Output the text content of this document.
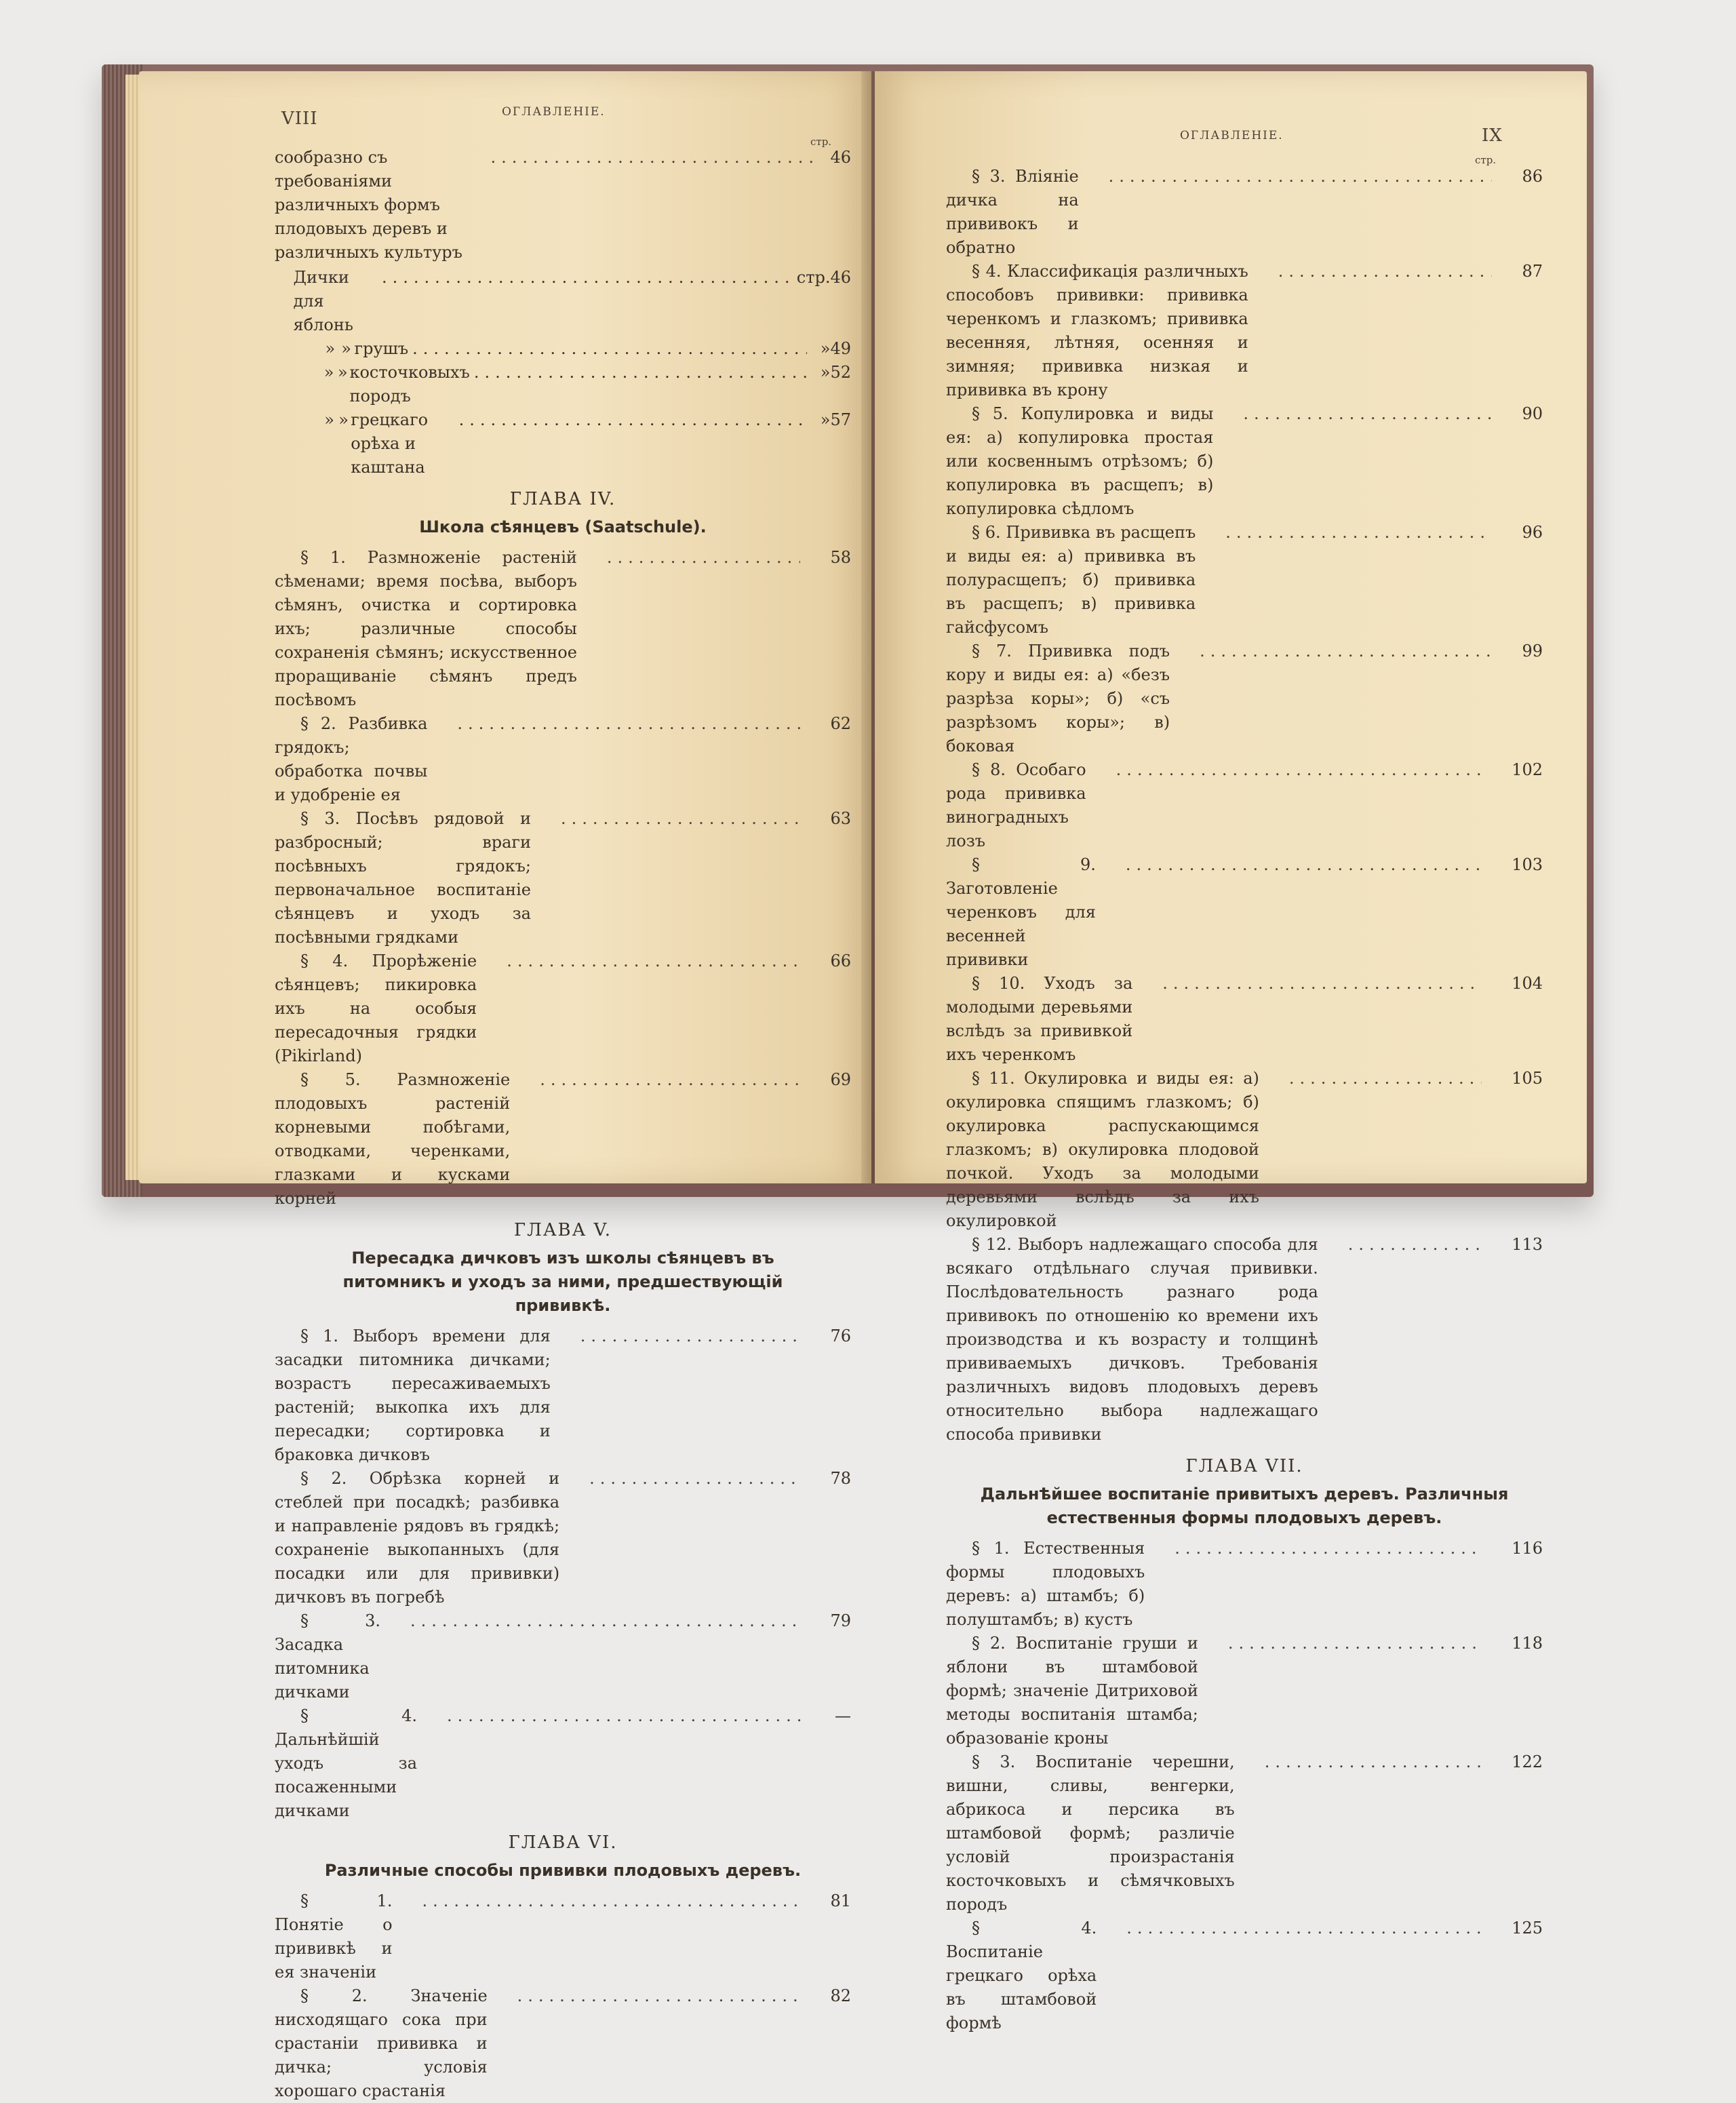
VIII	ОГЛАВЛЕНІЕ.
стр.
сообразно съ требованіями различныхъ формъ плодовыхъ деревъ и различныхъ культуръ
.....
46
Дички для яблонь
.....
стр. 46
» » грушъ
.....	» 49
» » косточковыхъ породъ
.....
» 52
» » грецкаго орѣха и каштана
.....
» 57
ГЛАВА IV.
Школа сѣянцевъ (Saatschule).
§ 1. Размноженіе растеній сѣменами; время посѣва, выборъ сѣмянъ, очистка и сортировка ихъ; различные способы сохраненія сѣмянъ; искусственное проращиваніе сѣмянъ предъ посѣвомъ
.....
58
§ 2. Разбивка грядокъ; обработка почвы и удобреніе ея
.....
62
§ 3. Посѣвъ рядовой и разбросный; враги посѣвныхъ грядокъ; первоначальное воспитаніе сѣянцевъ и уходъ за посѣвными грядками
.....
63
§ 4. Прорѣженіе сѣянцевъ; пикировка ихъ на особыя пересадочныя грядки (Pikirland)
.....
66
§ 5. Размноженіе плодовыхъ растеній корневыми побѣгами, отводками, черенками, глазками и кусками корней
.....
69
ГЛАВА V.
Пересадка дичковъ изъ школы сѣянцевъ въ питомникъ и уходъ за ними, предшествующій прививкѣ.
§ 1. Выборъ времени для засадки питомника дичками; возрастъ пересаживаемыхъ растеній; выкопка ихъ для пересадки; сортировка и браковка дичковъ
.....
76
§ 2. Обрѣзка корней и стеблей при посадкѣ; разбивка и направленіе рядовъ въ грядкѣ; сохраненіе выкопанныхъ (для посадки или для прививки) дичковъ въ погребѣ
.....
78
§ 3. Засадка питомника дичками
.....
79
§ 4. Дальнѣйшій уходъ за посаженными дичками
.....
—
ГЛАВА VI.
Различные способы прививки плодовыхъ деревъ.
§ 1. Понятіе о прививкѣ и ея значеніи
.....
81
§ 2. Значеніе нисходящаго сока при срастаніи прививка и дичка; условія хорошаго срастанія
.....
82
ОГЛАВЛЕНІЕ.	IX
стр.
§ 3. Вліяніе дичка на прививокъ и обратно
.....
86
§ 4. Классификація различныхъ способовъ прививки: прививка черенкомъ и глазкомъ; прививка весенняя, лѣтняя, осенняя и зимняя; прививка низкая и прививка въ крону
.....
87
§ 5. Копулировка и виды ея: а) копулировка простая или косвеннымъ отрѣзомъ; б) копулировка въ расщепъ; в) копулировка сѣдломъ
.....
90
§ 6. Прививка въ расщепъ и виды ея: а) прививка въ полурасщепъ; б) прививка въ расщепъ; в) прививка гайсфусомъ
.....
96
§ 7. Прививка подъ кору и виды ея: а) «безъ разрѣза коры»; б) «съ разрѣзомъ коры»; в) боковая
.....
99
§ 8. Особаго рода прививка виноградныхъ лозъ
.....
102
§ 9. Заготовленіе черенковъ для весенней прививки
.....
103
§ 10. Уходъ за молодыми деревьями вслѣдъ за прививкой ихъ черенкомъ
.....
104
§ 11. Окулировка и виды ея: а) окулировка спящимъ глазкомъ; б) окулировка распускающимся глазкомъ; в) окулировка плодовой почкой. Уходъ за молодыми деревьями вслѣдъ за ихъ окулировкой
.....
105
§ 12. Выборъ надлежащаго способа для всякаго отдѣльнаго случая прививки. Послѣдовательность разнаго рода прививокъ по отношенію ко времени ихъ производства и къ возрасту и толщинѣ прививаемыхъ дичковъ. Требованія различныхъ видовъ плодовыхъ деревъ относительно выбора надлежащаго способа прививки
.....
113
ГЛАВА VII.
Дальнѣйшее воспитаніе привитыхъ деревъ. Различныя естественныя формы плодовыхъ деревъ.
§ 1. Естественныя формы плодовыхъ деревъ: а) штамбъ; б) полуштамбъ; в) кустъ
.....
116
§ 2. Воспитаніе груши и яблони въ штамбовой формѣ; значеніе Дитриховой методы воспитанія штамба; образованіе кроны
.....
118
§ 3. Воспитаніе черешни, вишни, сливы, венгерки, абрикоса и персика въ штамбовой формѣ; различіе условій произрастанія косточковыхъ и сѣмячковыхъ породъ
.....
122
§ 4. Воспитаніе грецкаго орѣха въ штамбовой формѣ
.....
125
